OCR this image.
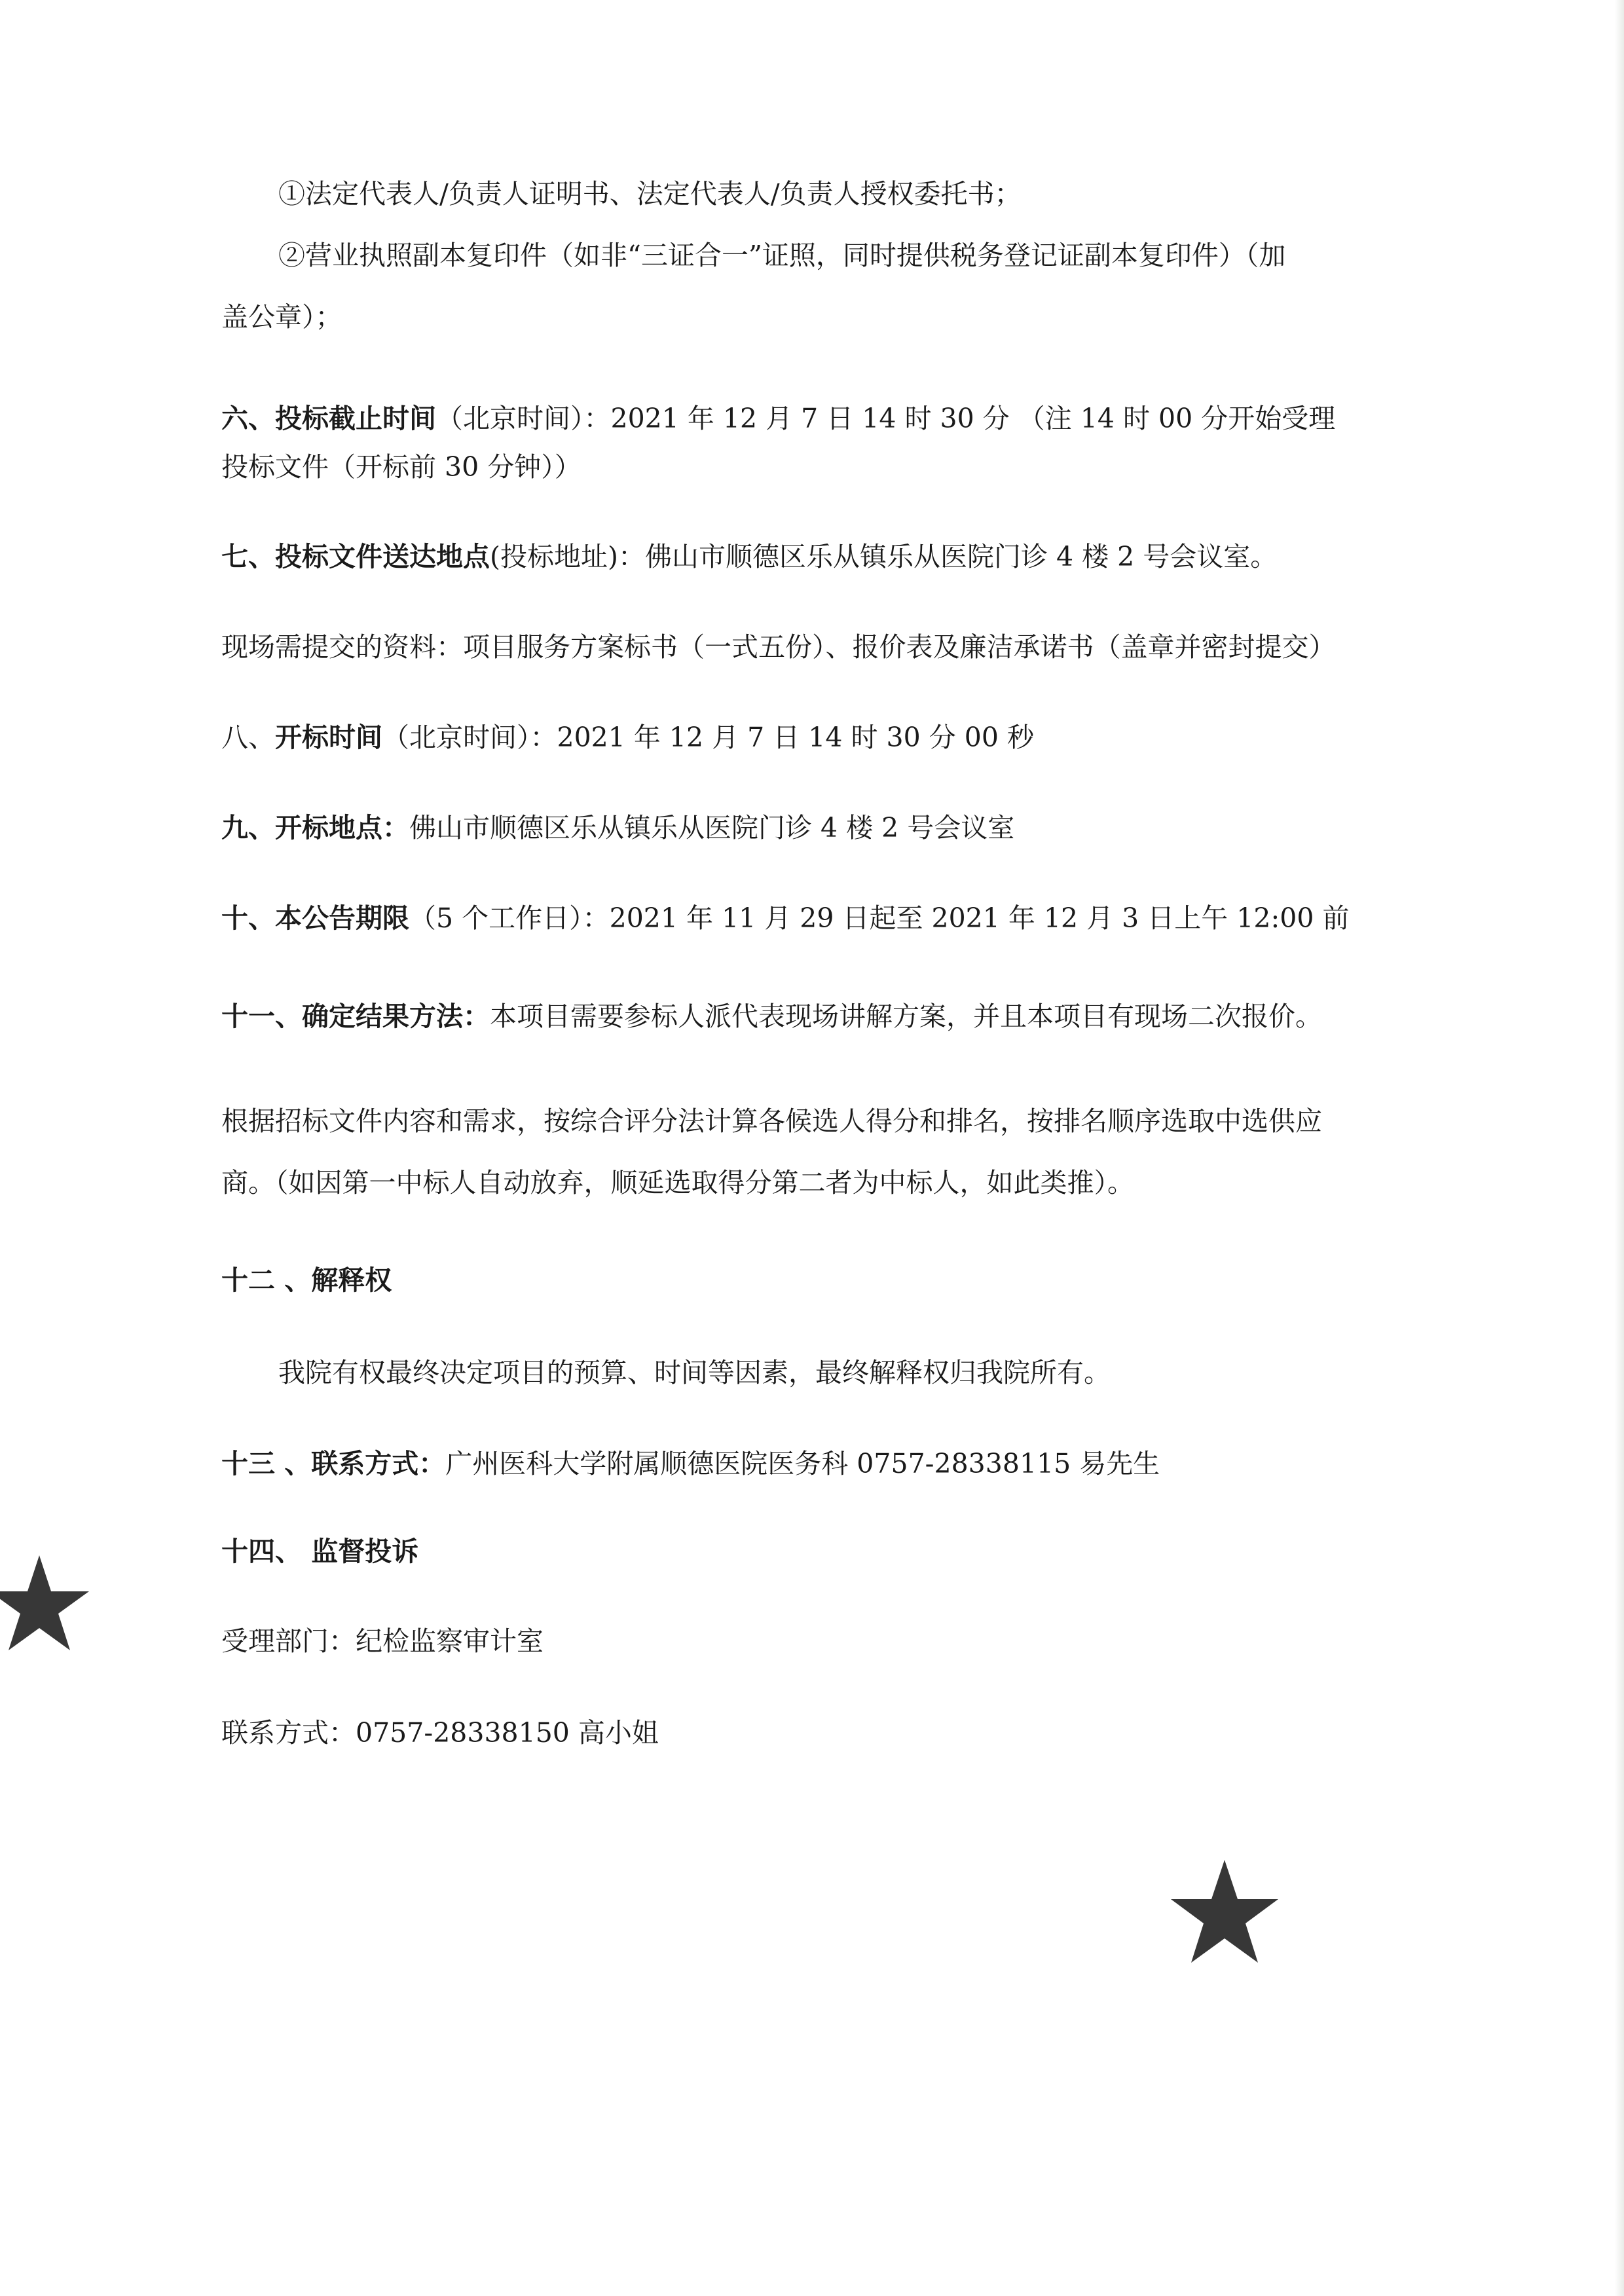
①法定代表人/负责人证明书、法定代表人/负责人授权委托书；
②营业执照副本复印件（如非“三证合一”证照，同时提供税务登记证副本复印件）（加
盖公章）；
六、投标截止时间（北京时间）：2021 年 12 月 7 日 14 时 30 分 （注 14 时 00 分开始受理
投标文件（开标前 30 分钟））
七、投标文件送达地点(投标地址)：佛山市顺德区乐从镇乐从医院门诊 4 楼 2 号会议室。
现场需提交的资料：项目服务方案标书（一式五份）、报价表及廉洁承诺书（盖章并密封提交）
八、开标时间（北京时间）：2021 年 12 月 7 日 14 时 30 分 00 秒
九、开标地点：佛山市顺德区乐从镇乐从医院门诊 4 楼 2 号会议室
十、本公告期限（5 个工作日）：2021 年 11 月 29 日起至 2021 年 12 月 3 日上午 12:00 前
十一、确定结果方法：本项目需要参标人派代表现场讲解方案，并且本项目有现场二次报价。
根据招标文件内容和需求，按综合评分法计算各候选人得分和排名，按排名顺序选取中选供应
商。（如因第一中标人自动放弃，顺延选取得分第二者为中标人，如此类推）。
十二 、解释权
我院有权最终决定项目的预算、时间等因素，最终解释权归我院所有。
十三 、联系方式：广州医科大学附属顺德医院医务科 0757-28338115 易先生
十四、 监督投诉
受理部门：纪检监察审计室
联系方式：0757-28338150 高小姐
